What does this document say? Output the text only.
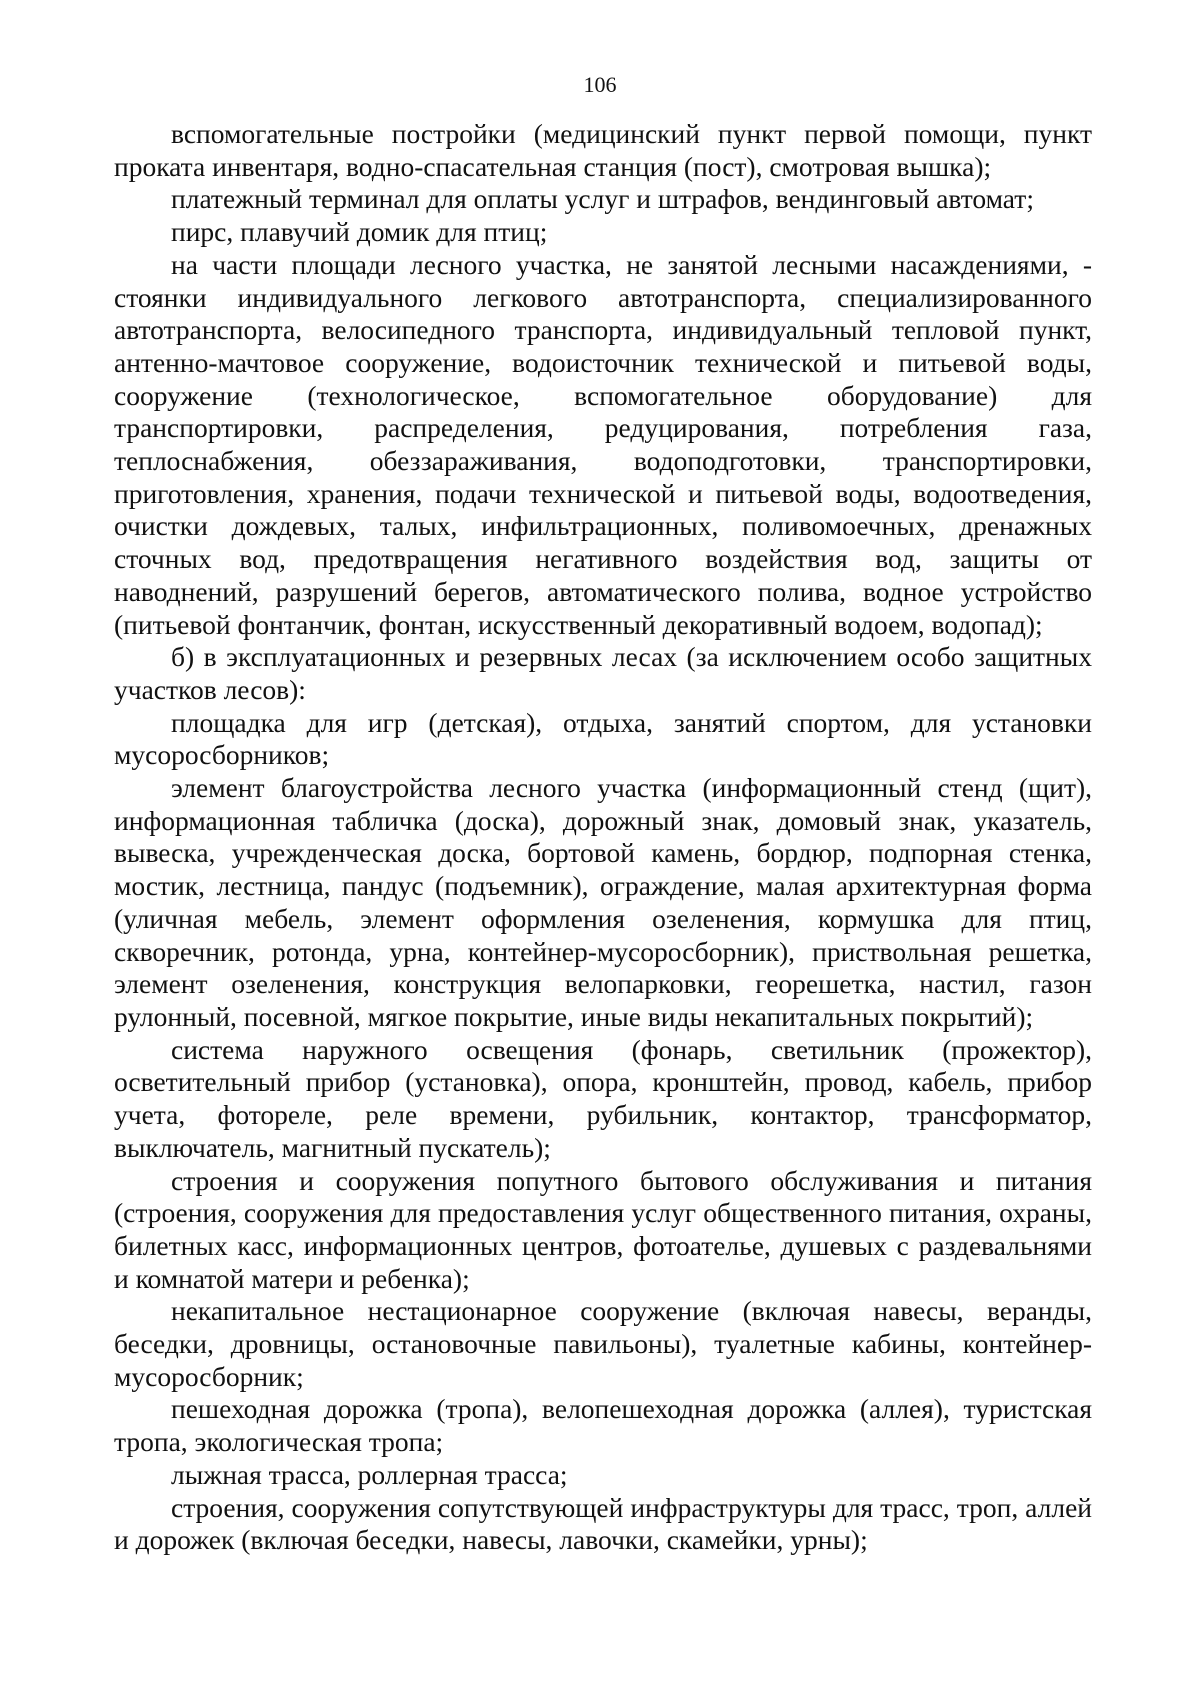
106

вспомогательные постройки (медицинский пункт первой помощи, пункт проката инвентаря, водно-спасательная станция (пост), смотровая вышка);

платежный терминал для оплаты услуг и штрафов, вендинговый автомат;

пирс, плавучий домик для птиц;

на части площади лесного участка, не занятой лесными насаждениями, - стоянки индивидуального легкового автотранспорта, специализированного автотранспорта, велосипедного транспорта, индивидуальный тепловой пункт, антенно-мачтовое сооружение, водоисточник технической и питьевой воды, сооружение (технологическое, вспомогательное оборудование) для транспортировки, распределения, редуцирования, потребления газа, теплоснабжения, обеззараживания, водоподготовки, транспортировки, приготовления, хранения, подачи технической и питьевой воды, водоотведения, очистки дождевых, талых, инфильтрационных, поливомоечных, дренажных сточных вод, предотвращения негативного воздействия вод, защиты от наводнений, разрушений берегов, автоматического полива, водное устройство (питьевой фонтанчик, фонтан, искусственный декоративный водоем, водопад);

б) в эксплуатационных и резервных лесах (за исключением особо защитных участков лесов):

площадка для игр (детская), отдыха, занятий спортом, для установки мусоросборников;

элемент благоустройства лесного участка (информационный стенд (щит), информационная табличка (доска), дорожный знак, домовый знак, указатель, вывеска, учрежденческая доска, бортовой камень, бордюр, подпорная стенка, мостик, лестница, пандус (подъемник), ограждение, малая архитектурная форма (уличная мебель, элемент оформления озеленения, кормушка для птиц, скворечник, ротонда, урна, контейнер-мусоросборник), приствольная решетка, элемент озеленения, конструкция велопарковки, георешетка, настил, газон рулонный, посевной, мягкое покрытие, иные виды некапитальных покрытий);

система наружного освещения (фонарь, светильник (прожектор), осветительный прибор (установка), опора, кронштейн, провод, кабель, прибор учета, фотореле, реле времени, рубильник, контактор, трансформатор, выключатель, магнитный пускатель);

строения и сооружения попутного бытового обслуживания и питания (строения, сооружения для предоставления услуг общественного питания, охраны, билетных касс, информационных центров, фотоателье, душевых с раздевальнями и комнатой матери и ребенка);

некапитальное нестационарное сооружение (включая навесы, веранды, беседки, дровницы, остановочные павильоны), туалетные кабины, контейнер-мусоросборник;

пешеходная дорожка (тропа), велопешеходная дорожка (аллея), туристская тропа, экологическая тропа;

лыжная трасса, роллерная трасса;

строения, сооружения сопутствующей инфраструктуры для трасс, троп, аллей и дорожек (включая беседки, навесы, лавочки, скамейки, урны);
